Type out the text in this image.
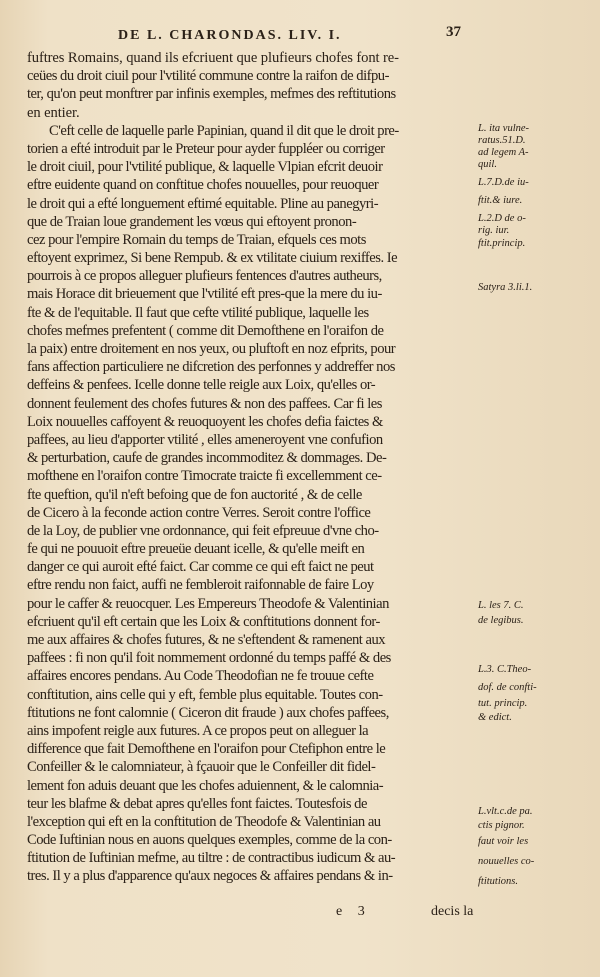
DE L. CHARONDAS. LIV. I.	37
fuftres Romains, quand ils efcriuent que plufieurs chofes font re-
ceües du droit ciuil pour l'vtilité commune contre la raifon de difpu-
ter, qu'on peut monftrer par infinis exemples, mefmes des reftitutions
en entier.
C'eft celle de laquelle parle Papinian, quand il dit que le droit pre-
torien a efté introduit par le Preteur pour ayder fuppléer ou corriger
le droit ciuil, pour l'vtilité publique, & laquelle Vlpian efcrit deuoir
eftre euidente quand on conftitue chofes nouuelles, pour reuoquer
le droit qui a efté longuement eftimé equitable. Pline au panegyri-
que de Traian loue grandement les vœus qui eftoyent pronon-
cez pour l'empire Romain du temps de Traian, efquels ces mots
eftoyent exprimez, Si bene Rempub. & ex vtilitate ciuium rexiffes. Ie
pourrois à ce propos alleguer plufieurs fentences d'autres autheurs,
mais Horace dit brieuement que l'vtilité eft pres-que la mere du iu-
fte & de l'equitable. Il faut que cefte vtilité publique, laquelle les
chofes mefmes prefentent ( comme dit Demofthene en l'oraifon de
la paix) entre droitement en nos yeux, ou pluftoft en noz efprits, pour
fans affection particuliere ne difcretion des perfonnes y addreffer nos
deffeins & penfees. Icelle donne telle reigle aux Loix, qu'elles or-
donnent feulement des chofes futures & non des paffees. Car fi les
Loix nouuelles caffoyent & reuoquoyent les chofes defia faictes &
paffees, au lieu d'apporter vtilité , elles ameneroyent vne confufion
& perturbation, caufe de grandes incommoditez & dommages. De-
mofthene en l'oraifon contre Timocrate traicte fi excellemment ce-
fte queftion, qu'il n'eft befoing que de fon auctorité , & de celle
de Cicero à la feconde action contre Verres. Seroit contre l'office
de la Loy, de publier vne ordonnance, qui feit efpreuue d'vne cho-
fe qui ne pouuoit eftre preueüe deuant icelle, & qu'elle meift en
danger ce qui auroit efté faict. Car comme ce qui eft faict ne peut
eftre rendu non faict, auffi ne fembleroit raifonnable de faire Loy
pour le caffer & reuocquer. Les Empereurs Theodofe & Valentinian
efcriuent qu'il eft certain que les Loix & conftitutions donnent for-
me aux affaires & chofes futures, & ne s'eftendent & ramenent aux
paffees : fi non qu'il foit nommement ordonné du temps paffé & des
affaires encores pendans. Au Code Theodofian ne fe trouue cefte
conftitution, ains celle qui y eft, femble plus equitable. Toutes con-
ftitutions ne font calomnie ( Ciceron dit fraude ) aux chofes paffees,
ains impofent reigle aux futures. A ce propos peut on alleguer la
difference que fait Demofthene en l'oraifon pour Ctefiphon entre le
Confeiller & le calomniateur, à fçauoir que le Confeiller dit fidel-
lement fon aduis deuant que les chofes aduiennent, & le calomnia-
teur les blafme & debat apres qu'elles font faictes. Toutesfois de
l'exception qui eft en la conftitution de Theodofe & Valentinian au
Code Iuftinian nous en auons quelques exemples, comme de la con-
ftitution de Iuftinian mefme, au tiltre : de contractibus iudicum & au-
tres. Il y a plus d'apparence qu'aux negoces & affaires pendans & in-
L. ita vulne-
ratus.51.D.
ad legem A-
quil.
L.7.D.de iu-
ftit.& iure.
L.2.D de o-
rig. iur.
ftit.princip.
Satyra 3.li.1.
L. les 7. C.
de legibus.
L.3. C.Theo-
dof. de confti-
tut. princip.
& edict.
L.vlt.c.de pa.
ctis pignor.
faut voir les
nouuelles co-
ftitutions.
e 3	decis la
